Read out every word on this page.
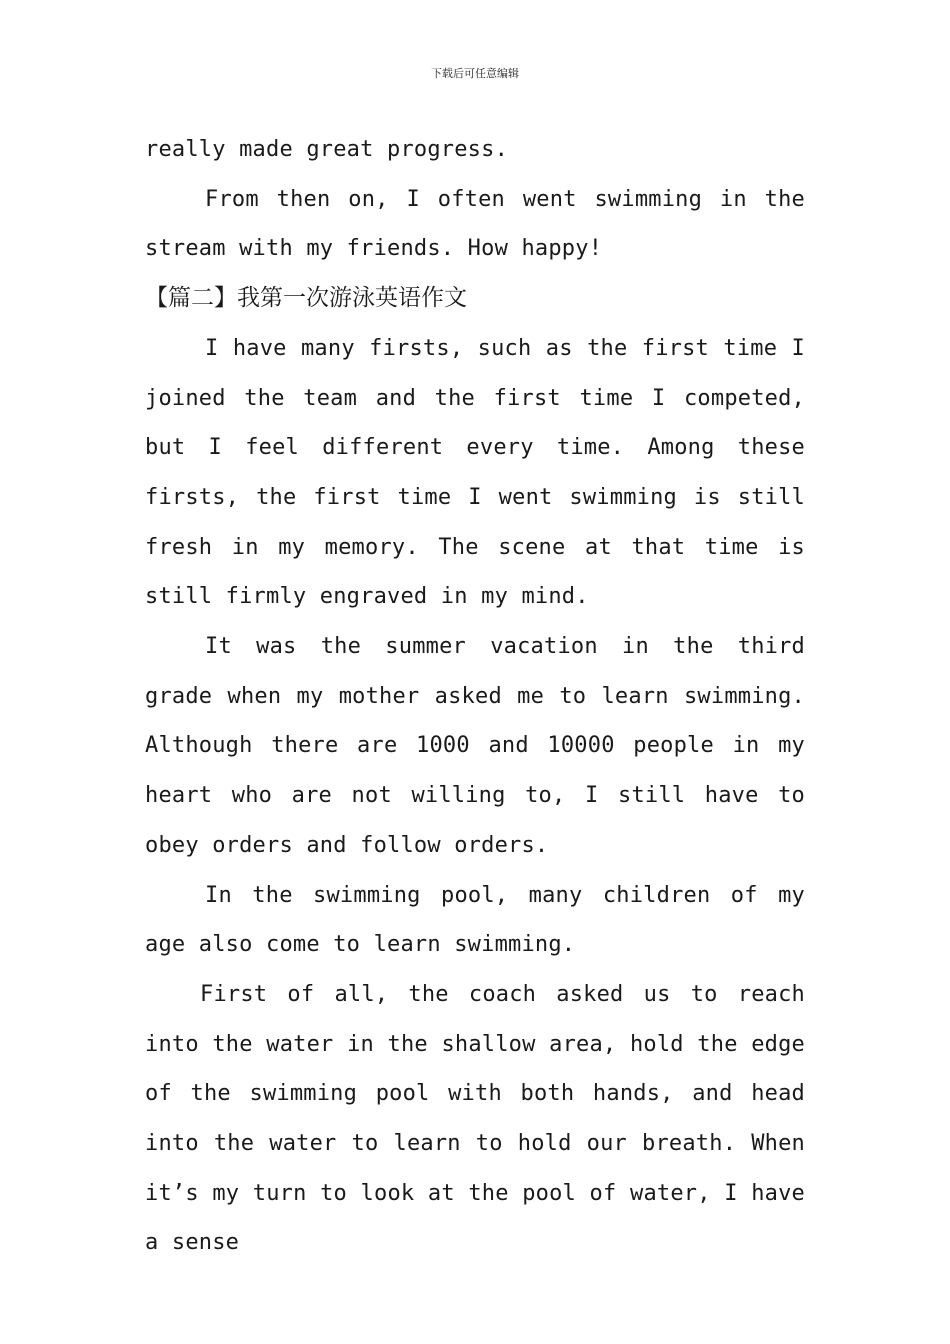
下载后可任意编辑

really made great progress.

From then on, I often went swimming in the stream with my friends. How happy!

【篇二】我第一次游泳英语作文

I have many firsts, such as the first time I joined the team and the first time I competed, but I feel different every time. Among these firsts, the first time I went swimming is still fresh in my memory. The scene at that time is still firmly engraved in my mind.

It was the summer vacation in the third grade when my mother asked me to learn swimming. Although there are 1000 and 10000 people in my heart who are not willing to, I still have to obey orders and follow orders.

In the swimming pool, many children of my age also come to learn swimming.

First of all, the coach asked us to reach into the water in the shallow area, hold the edge of the swimming pool with both hands, and head into the water to learn to hold our breath. When it’s my turn to look at the pool of water, I have a sense
